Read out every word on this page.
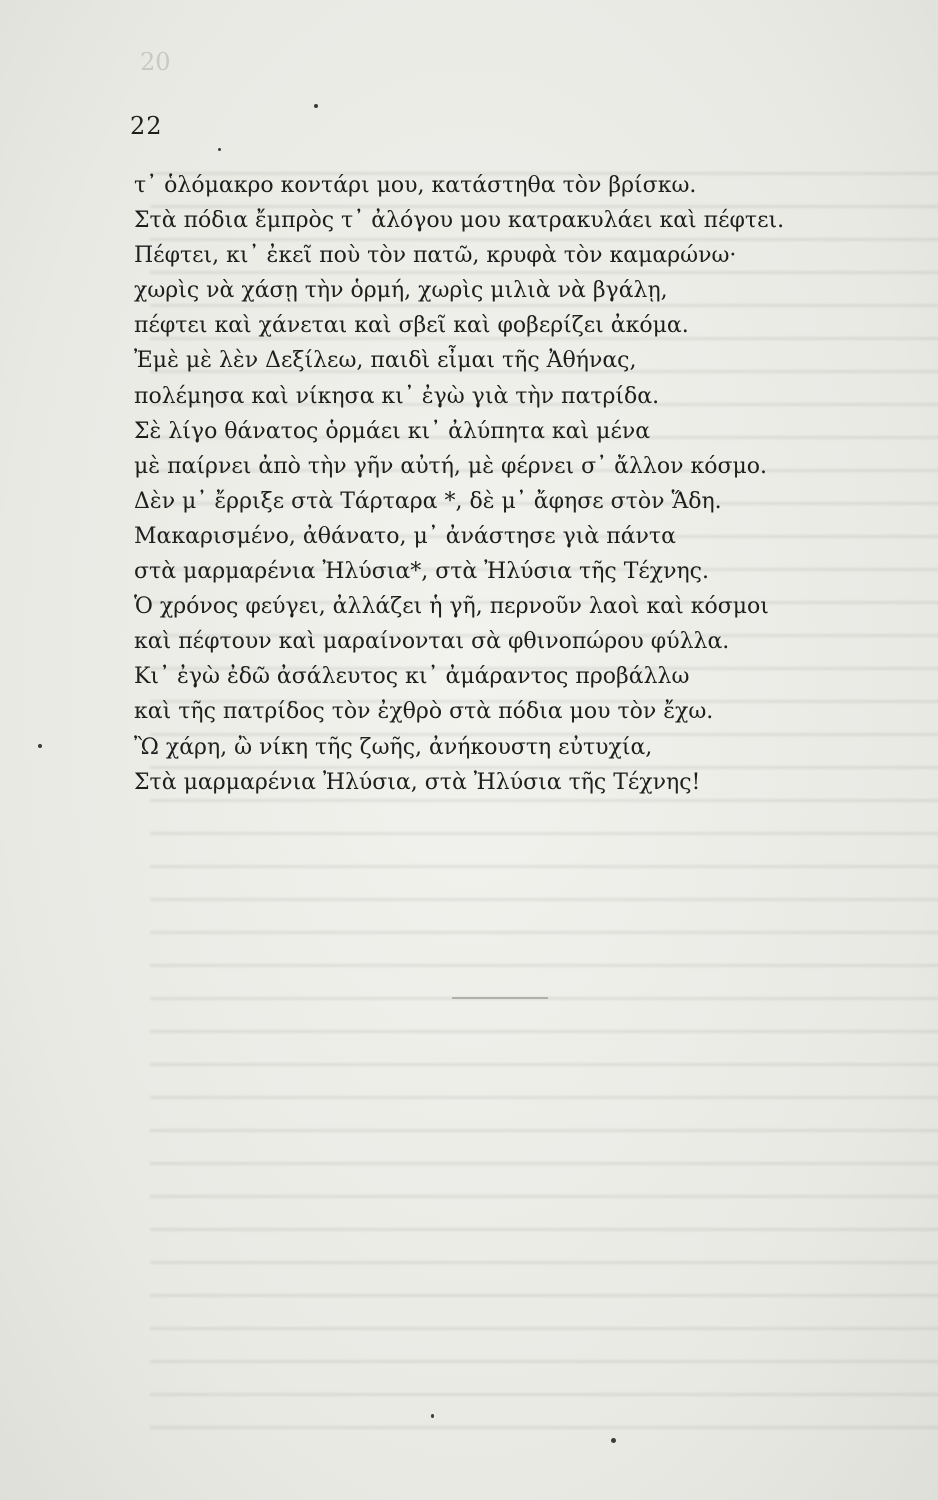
20
22
τ᾽ ὁλόμακρο κοντάρι μου, κατάστηθα τὸν βρίσκω.
Στὰ πόδια ἔμπρὸς τ᾽ ἀλόγου μου κατρακυλάει καὶ πέφτει.
Πέφτει, κι᾽ ἐκεῖ ποὺ τὸν πατῶ, κρυφὰ τὸν καμαρώνω·
χωρὶς νὰ χάσῃ τὴν ὁρμή, χωρὶς μιλιὰ νὰ βγάλῃ,
πέφτει καὶ χάνεται καὶ σβεῖ καὶ φοβερίζει ἀκόμα.
Ἐμὲ μὲ λὲν Δεξίλεω, παιδὶ εἶμαι τῆς Ἀθήνας,
πολέμησα καὶ νίκησα κι᾽ ἐγὼ γιὰ τὴν πατρίδα.
Σὲ λίγο θάνατος ὁρμάει κι᾽ ἀλύπητα καὶ μένα
μὲ παίρνει ἀπὸ τὴν γῆν αὐτή, μὲ φέρνει σ᾽ ἄλλον κόσμο.
Δὲν μ᾽ ἔρριξε στὰ Τάρταρα *, δὲ μ᾽ ἄφησε στὸν Ἅδη.
Μακαρισμένο, ἀθάνατο, μ᾽ ἀνάστησε γιὰ πάντα
στὰ μαρμαρένια Ἠλύσια*, στὰ Ἠλύσια τῆς Τέχνης.
Ὁ χρόνος φεύγει, ἀλλάζει ἡ γῆ, περνοῦν λαοὶ καὶ κόσμοι
καὶ πέφτουν καὶ μαραίνονται σὰ φθινοπώρου φύλλα.
Κι᾽ ἐγὼ ἐδῶ ἀσάλευτος κι᾽ ἀμάραντος προβάλλω
καὶ τῆς πατρίδος τὸν ἐχθρὸ στὰ πόδια μου τὸν ἔχω.
Ὢ χάρη, ὢ νίκη τῆς ζωῆς, ἀνήκουστη εὐτυχία,
Στὰ μαρμαρένια Ἠλύσια, στὰ Ἠλύσια τῆς Τέχνης!
